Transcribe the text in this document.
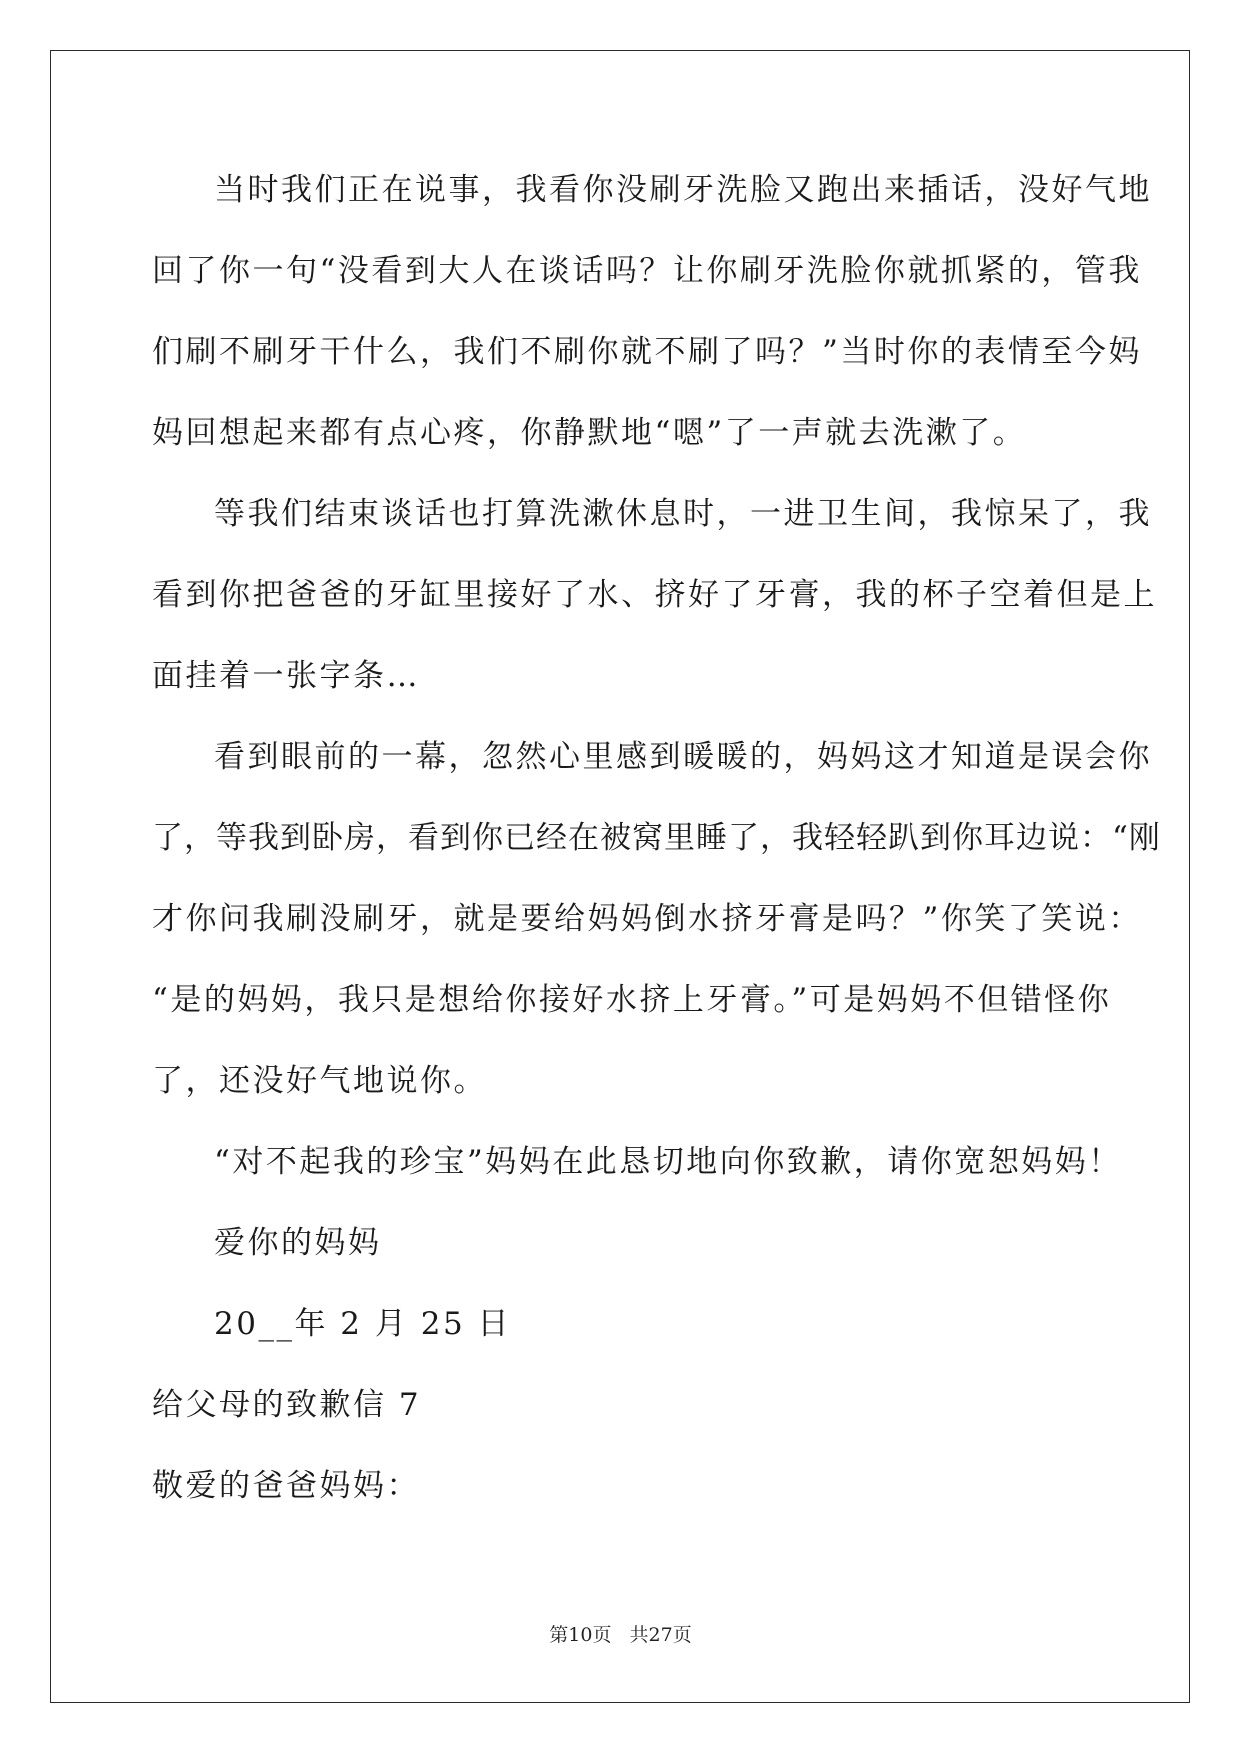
当时我们正在说事，我看你没刷牙洗脸又跑出来插话，没好气地
回了你一句“没看到大人在谈话吗？让你刷牙洗脸你就抓紧的，管我
们刷不刷牙干什么，我们不刷你就不刷了吗？”当时你的表情至今妈
妈回想起来都有点心疼，你静默地“嗯”了一声就去洗漱了。
等我们结束谈话也打算洗漱休息时，一进卫生间，我惊呆了，我
看到你把爸爸的牙缸里接好了水、挤好了牙膏，我的杯子空着但是上
面挂着一张字条…
看到眼前的一幕，忽然心里感到暖暖的，妈妈这才知道是误会你
了，等我到卧房，看到你已经在被窝里睡了，我轻轻趴到你耳边说：“刚
才你问我刷没刷牙，就是要给妈妈倒水挤牙膏是吗？”你笑了笑说：
“是的妈妈，我只是想给你接好水挤上牙膏。”可是妈妈不但错怪你
了，还没好气地说你。
“对不起我的珍宝”妈妈在此恳切地向你致歉，请你宽恕妈妈！
爱你的妈妈
20__年 2 月 25 日
给父母的致歉信 7
敬爱的爸爸妈妈：
第10页 共27页
